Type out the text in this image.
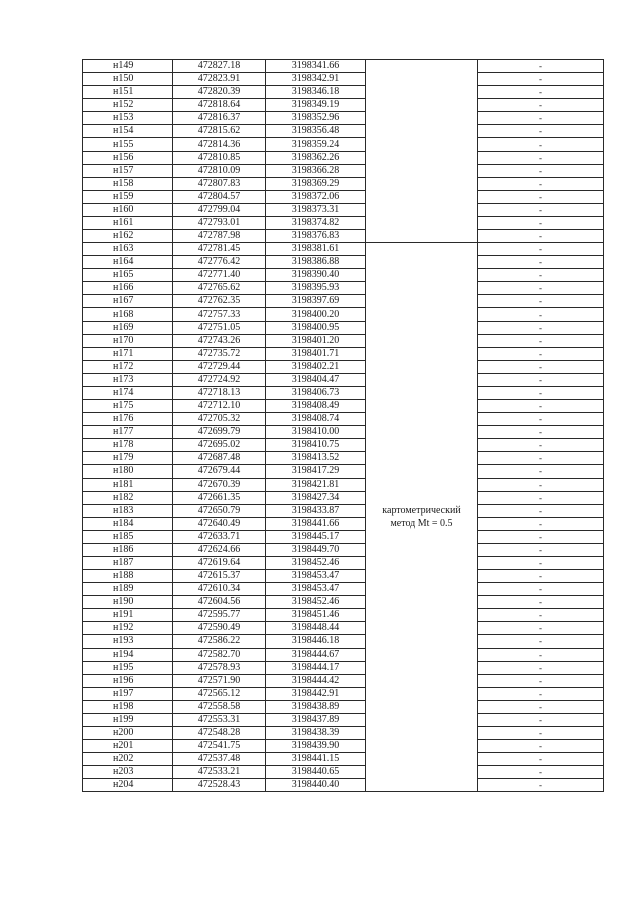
н149	472827.18	3198341.66		-
н150	472823.91	3198342.91		-
н151	472820.39	3198346.18		-
н152	472818.64	3198349.19		-
н153	472816.37	3198352.96		-
н154	472815.62	3198356.48		-
н155	472814.36	3198359.24		-
н156	472810.85	3198362.26		-
н157	472810.09	3198366.28		-
н158	472807.83	3198369.29		-
н159	472804.57	3198372.06		-
н160	472799.04	3198373.31		-
н161	472793.01	3198374.82		-
н162	472787.98	3198376.83		-
н163	472781.45	3198381.61	картометрический
метод Mt = 0.5	-
н164	472776.42	3198386.88		-
н165	472771.40	3198390.40		-
н166	472765.62	3198395.93		-
н167	472762.35	3198397.69		-
н168	472757.33	3198400.20		-
н169	472751.05	3198400.95		-
н170	472743.26	3198401.20		-
н171	472735.72	3198401.71		-
н172	472729.44	3198402.21		-
н173	472724.92	3198404.47		-
н174	472718.13	3198406.73		-
н175	472712.10	3198408.49		-
н176	472705.32	3198408.74		-
н177	472699.79	3198410.00		-
н178	472695.02	3198410.75		-
н179	472687.48	3198413.52		-
н180	472679.44	3198417.29		-
н181	472670.39	3198421.81		-
н182	472661.35	3198427.34		-
н183	472650.79	3198433.87		-
н184	472640.49	3198441.66		-
н185	472633.71	3198445.17		-
н186	472624.66	3198449.70		-
н187	472619.64	3198452.46		-
н188	472615.37	3198453.47		-
н189	472610.34	3198453.47		-
н190	472604.56	3198452.46		-
н191	472595.77	3198451.46		-
н192	472590.49	3198448.44		-
н193	472586.22	3198446.18		-
н194	472582.70	3198444.67		-
н195	472578.93	3198444.17		-
н196	472571.90	3198444.42		-
н197	472565.12	3198442.91		-
н198	472558.58	3198438.89		-
н199	472553.31	3198437.89		-
н200	472548.28	3198438.39		-
н201	472541.75	3198439.90		-
н202	472537.48	3198441.15		-
н203	472533.21	3198440.65		-
н204	472528.43	3198440.40		-
